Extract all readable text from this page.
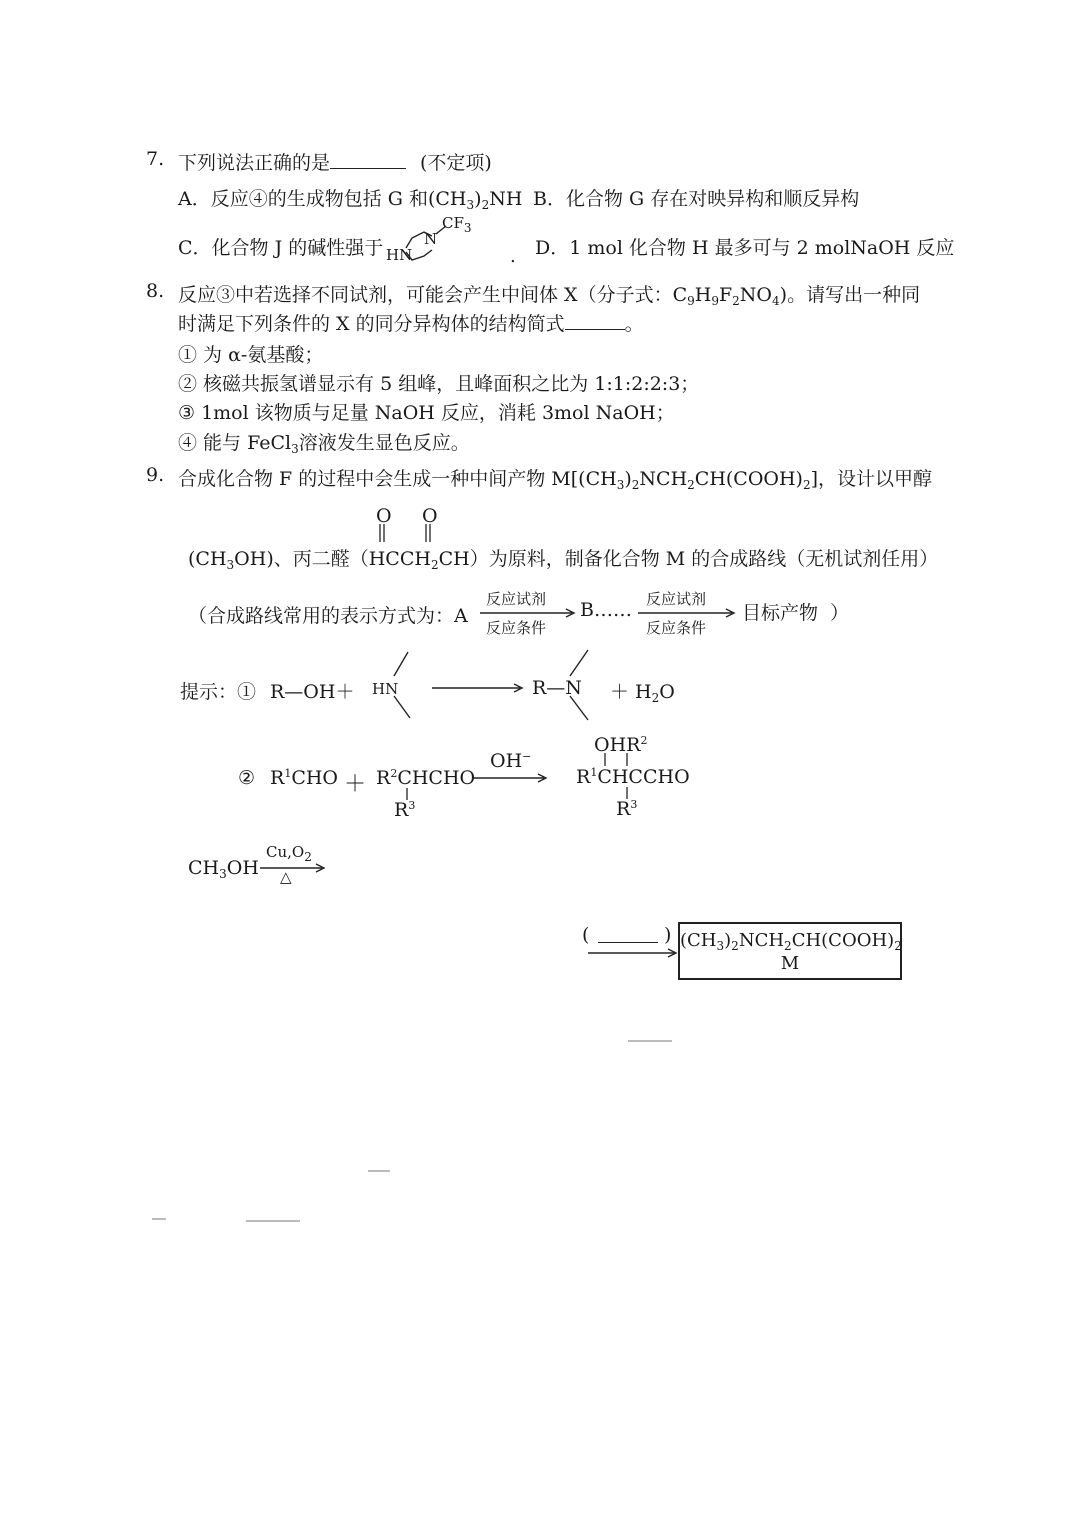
7. 下列说法正确的是	(不定项)
A．反应④的生成物包括 G 和$(CH_3)_2NH$ B．化合物 G 存在对映异构和顺反异构
C．化合物 J 的碱性强于
$CF_3$
N
HN	. D．1 mol 化合物 H 最多可与 2 molNaOH 反应
8. 反应③中若选择不同试剂，可能会产生中间体 X（分子式：$C_9H_9F_2NO_4$)。请写出一种同
时满足下列条件的 X 的同分异构体的结构简式	。
① 为 α-氨基酸；
② 核磁共振氢谱显示有 5 组峰，且峰面积之比为 1:1:2:2:3；
③ 1mol 该物质与足量 NaOH 反应，消耗 3mol NaOH；
④ 能与 FeCl$_3$溶液发生显色反应。
9. 合成化合物 F 的过程中会生成一种中间产物 $M[(CH_3)_2NCH_2CH(COOH)_2]$，设计以甲醇
O O
$(CH_3OH)$、丙二醛$(HCCH_2CH)$为原料，制备化合物 M 的合成路线（无机试剂任用）
（合成路线常用的表示方式为：A
反应试剂
反应条件
B…… 反应试剂
反应条件
目标产物 ）
提示：① R—OH＋ HN	R—N ＋ $H_2O$
② $R^1CHO$ ＋ $R^2CHCHO$
$R^3$
OH−
OHR$^2$
$R^1CHCCHO$
$R^3$
$CH_3OH$
$Cu,O_2$
△
(	) $(CH_3)_2NCH_2CH(COOH)_2$
M
